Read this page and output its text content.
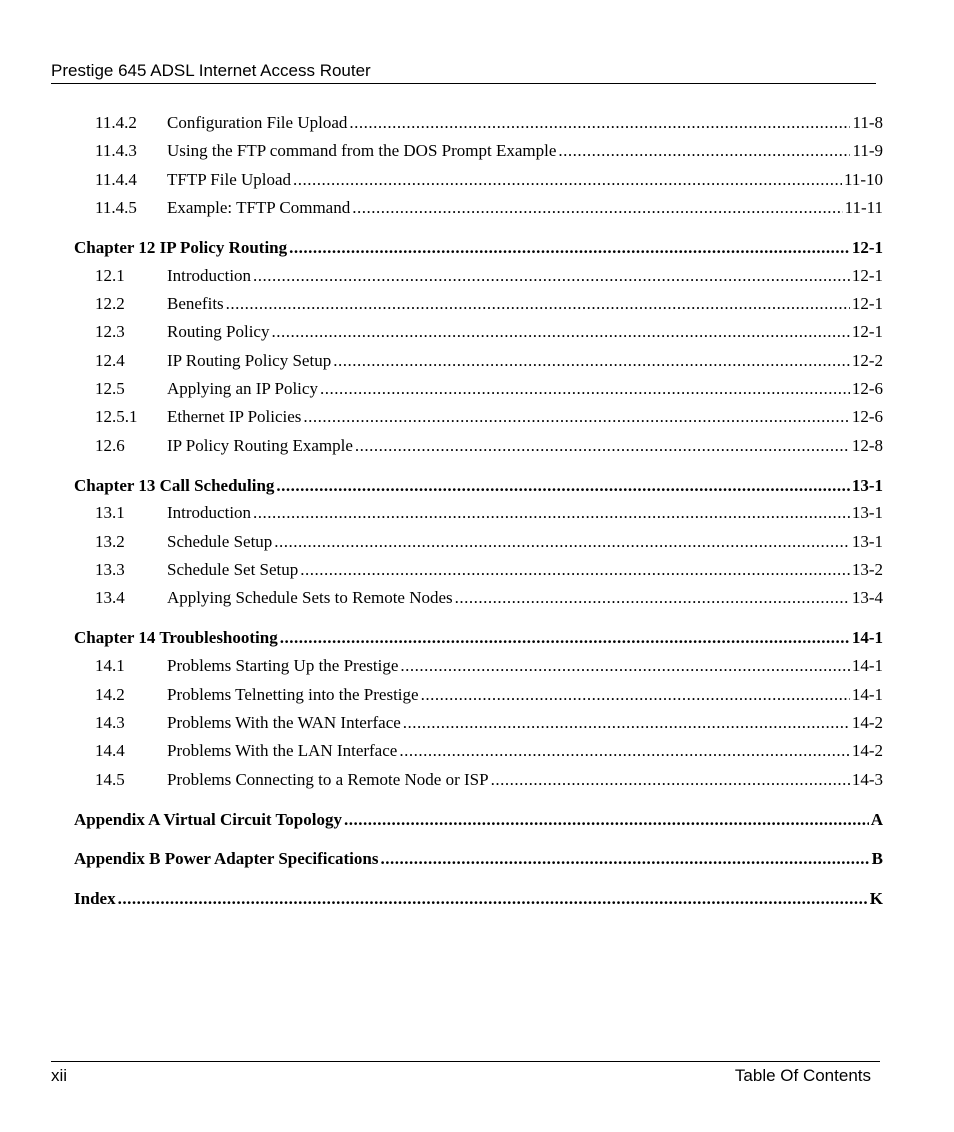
Prestige 645 ADSL Internet Access Router
11.4.2	Configuration File Upload .....	11-8
11.4.3	Using the FTP command from the DOS Prompt Example .....	11-9
11.4.4	TFTP File Upload .....	11-10
11.4.5	Example: TFTP Command .....	11-11
Chapter 12 IP Policy Routing .....	12-1
12.1	Introduction .....	12-1
12.2	Benefits .....	12-1
12.3	Routing Policy .....	12-1
12.4	IP Routing Policy Setup .....	12-2
12.5	Applying an IP Policy .....	12-6
12.5.1	Ethernet IP Policies .....	12-6
12.6	IP Policy Routing Example .....	12-8
Chapter 13 Call Scheduling .....	13-1
13.1	Introduction .....	13-1
13.2	Schedule Setup .....	13-1
13.3	Schedule Set Setup .....	13-2
13.4	Applying Schedule Sets to Remote Nodes .....	13-4
Chapter 14 Troubleshooting .....	14-1
14.1	Problems Starting Up the Prestige .....	14-1
14.2	Problems Telnetting into the Prestige .....	14-1
14.3	Problems With the WAN Interface .....	14-2
14.4	Problems With the LAN Interface .....	14-2
14.5	Problems Connecting to a Remote Node or ISP .....	14-3
Appendix A Virtual Circuit Topology .....	A
Appendix B Power Adapter Specifications .....	B
Index .....	K
xii	Table Of Contents
